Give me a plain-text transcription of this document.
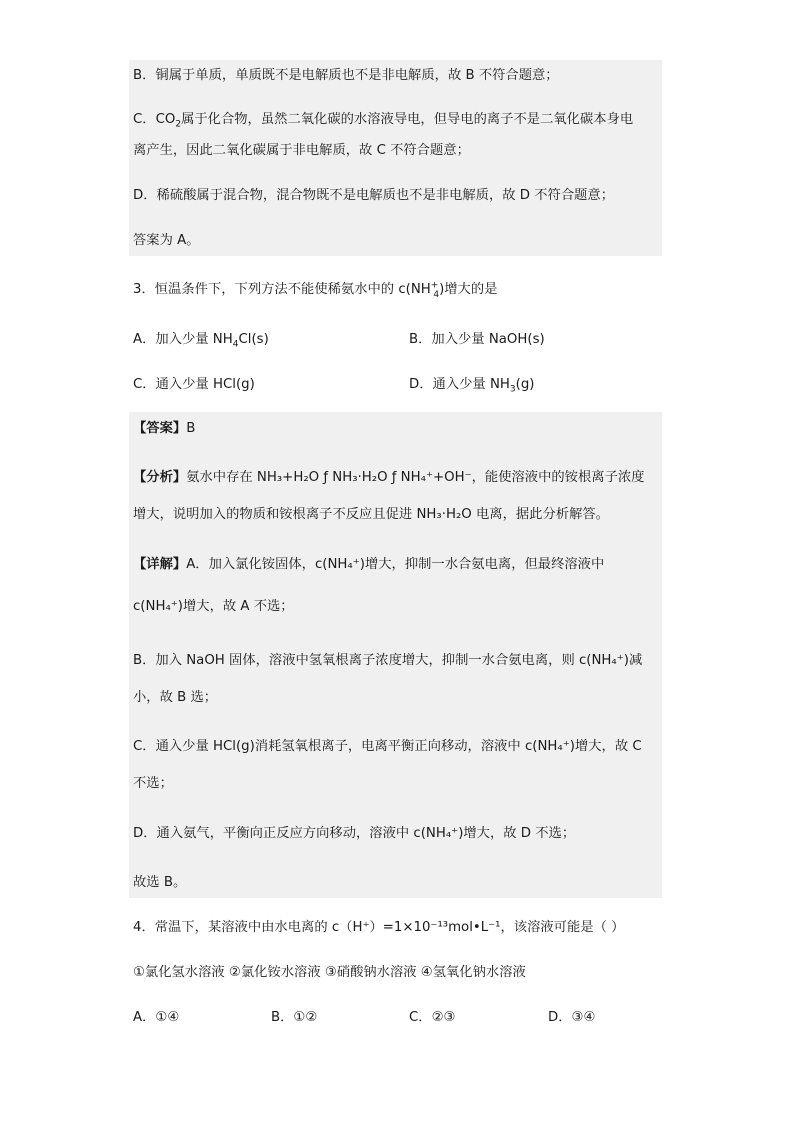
B．铜属于单质，单质既不是电解质也不是非电解质，故 B 不符合题意；
C．$CO_2$属于化合物，虽然二氧化碳的水溶液导电，但导电的离子不是二氧化碳本身电
离产生，因此二氧化碳属于非电解质，故 C 不符合题意；
D．稀硫酸属于混合物，混合物既不是电解质也不是非电解质，故 D 不符合题意；
答案为 A。
3．恒温条件下，下列方法不能使稀氨水中的 $c(NH^+_4)$增大的是
A．加入少量 $NH_4Cl(s)$	B．加入少量 NaOH(s)
C．通入少量 HCl(g)	D．通入少量 $NH_3(g)$
【答案】B
【分析】氨水中存在 NH₃+H₂O ƒ NH₃·H₂O ƒ NH₄⁺+OH⁻，能使溶液中的铵根离子浓度
增大，说明加入的物质和铵根离子不反应且促进 NH₃·H₂O 电离，据此分析解答。
【详解】A．加入氯化铵固体，c(NH₄⁺)增大，抑制一水合氨电离，但最终溶液中
c(NH₄⁺)增大，故 A 不选；
B．加入 NaOH 固体，溶液中氢氧根离子浓度增大，抑制一水合氨电离，则 c(NH₄⁺)减
小，故 B 选；
C．通入少量 HCl(g)消耗氢氧根离子，电离平衡正向移动，溶液中 c(NH₄⁺)增大，故 C
不选；
D．通入氨气，平衡向正反应方向移动，溶液中 c(NH₄⁺)增大，故 D 不选；
故选 B。
4．常温下，某溶液中由水电离的 c（H⁺）=1×10⁻¹³mol•L⁻¹，该溶液可能是（ ）
①氯化氢水溶液 ②氯化铵水溶液 ③硝酸钠水溶液 ④氢氧化钠水溶液
A．①④	B．①②	C．②③	D．③④
